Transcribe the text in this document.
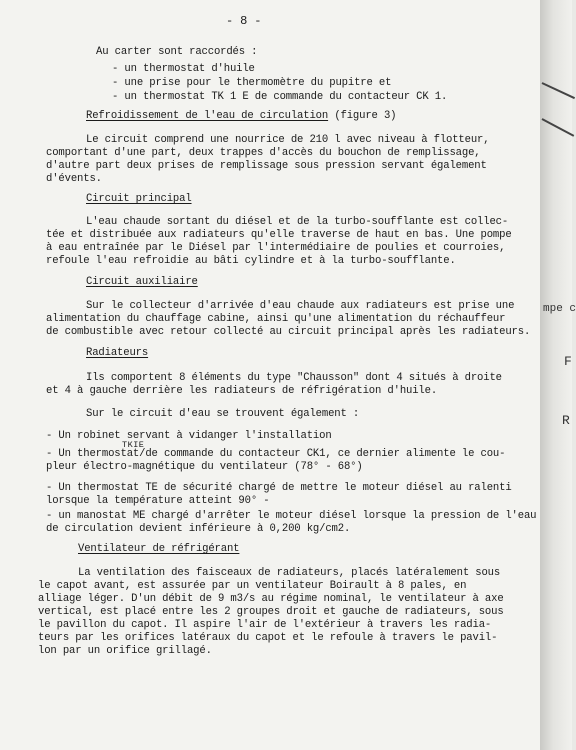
- 8 -
Au carter sont raccordés :
- un thermostat d'huile
- une prise pour le thermomètre du pupitre et
- un thermostat TK 1 E de commande du contacteur CK 1.
Refroidissement de l'eau de circulation (figure 3)
Le circuit comprend une nourrice de 210 l avec niveau à flotteur,
comportant d'une part, deux trappes d'accès du bouchon de remplissage,
d'autre part deux prises de remplissage sous pression servant également
d'évents.
Circuit principal
L'eau chaude sortant du diésel et de la turbo-soufflante est collec-
tée et distribuée aux radiateurs qu'elle traverse de haut en bas. Une pompe
à eau entraînée par le Diésel par l'intermédiaire de poulies et courroies,
refoule l'eau refroidie au bâti cylindre et à la turbo-soufflante.
Circuit auxiliaire
Sur le collecteur d'arrivée d'eau chaude aux radiateurs est prise une
alimentation du chauffage cabine, ainsi qu'une alimentation du réchauffeur
de combustible avec retour collecté au circuit principal après les radiateurs.
Radiateurs
Ils comportent 8 éléments du type "Chausson" dont 4 situés à droite
et 4 à gauche derrière les radiateurs de réfrigération d'huile.
Sur le circuit d'eau se trouvent également :
- Un robinet servant à vidanger l'installation
TKIE
- Un thermostat/de commande du contacteur CK1, ce dernier alimente le cou-
pleur électro-magnétique du ventilateur (78° - 68°)
- Un thermostat TE de sécurité chargé de mettre le moteur diésel au ralenti
lorsque la température atteint 90° -
- un manostat ME chargé d'arrêter le moteur diésel lorsque la pression de l'eau
de circulation devient inférieure à 0,200 kg/cm2.
Ventilateur de réfrigérant
La ventilation des faisceaux de radiateurs, placés latéralement sous
le capot avant, est assurée par un ventilateur Boirault à 8 pales, en
alliage léger. D'un débit de 9 m3/s au régime nominal, le ventilateur à axe
vertical, est placé entre les 2 groupes droit et gauche de radiateurs, sous
le pavillon du capot. Il aspire l'air de l'extérieur à travers les radia-
teurs par les orifices latéraux du capot et le refoule à travers le pavil-
lon par un orifice grillagé.
mpe c
F
R
